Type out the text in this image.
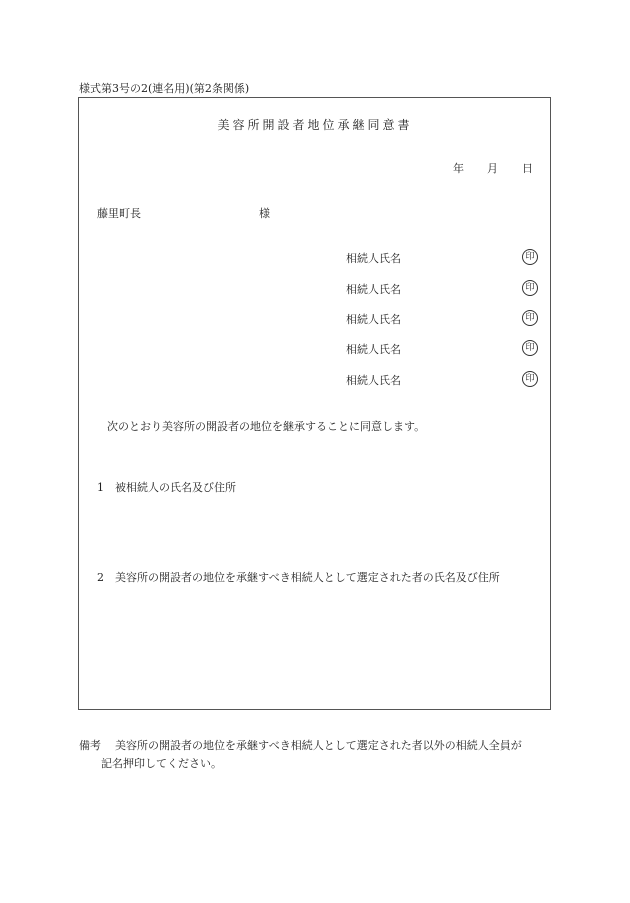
様式第3号の2(連名用)(第2条関係)
美容所開設者地位承継同意書
年 月 日
藤里町長	様
相続人氏名	印
相続人氏名	印
相続人氏名	印
相続人氏名	印
相続人氏名	印
次のとおり美容所の開設者の地位を継承することに同意します。
1 被相続人の氏名及び住所
2 美容所の開設者の地位を承継すべき相続人として選定された者の氏名及び住所
備考 美容所の開設者の地位を承継すべき相続人として選定された者以外の相続人全員が
記名押印してください。
